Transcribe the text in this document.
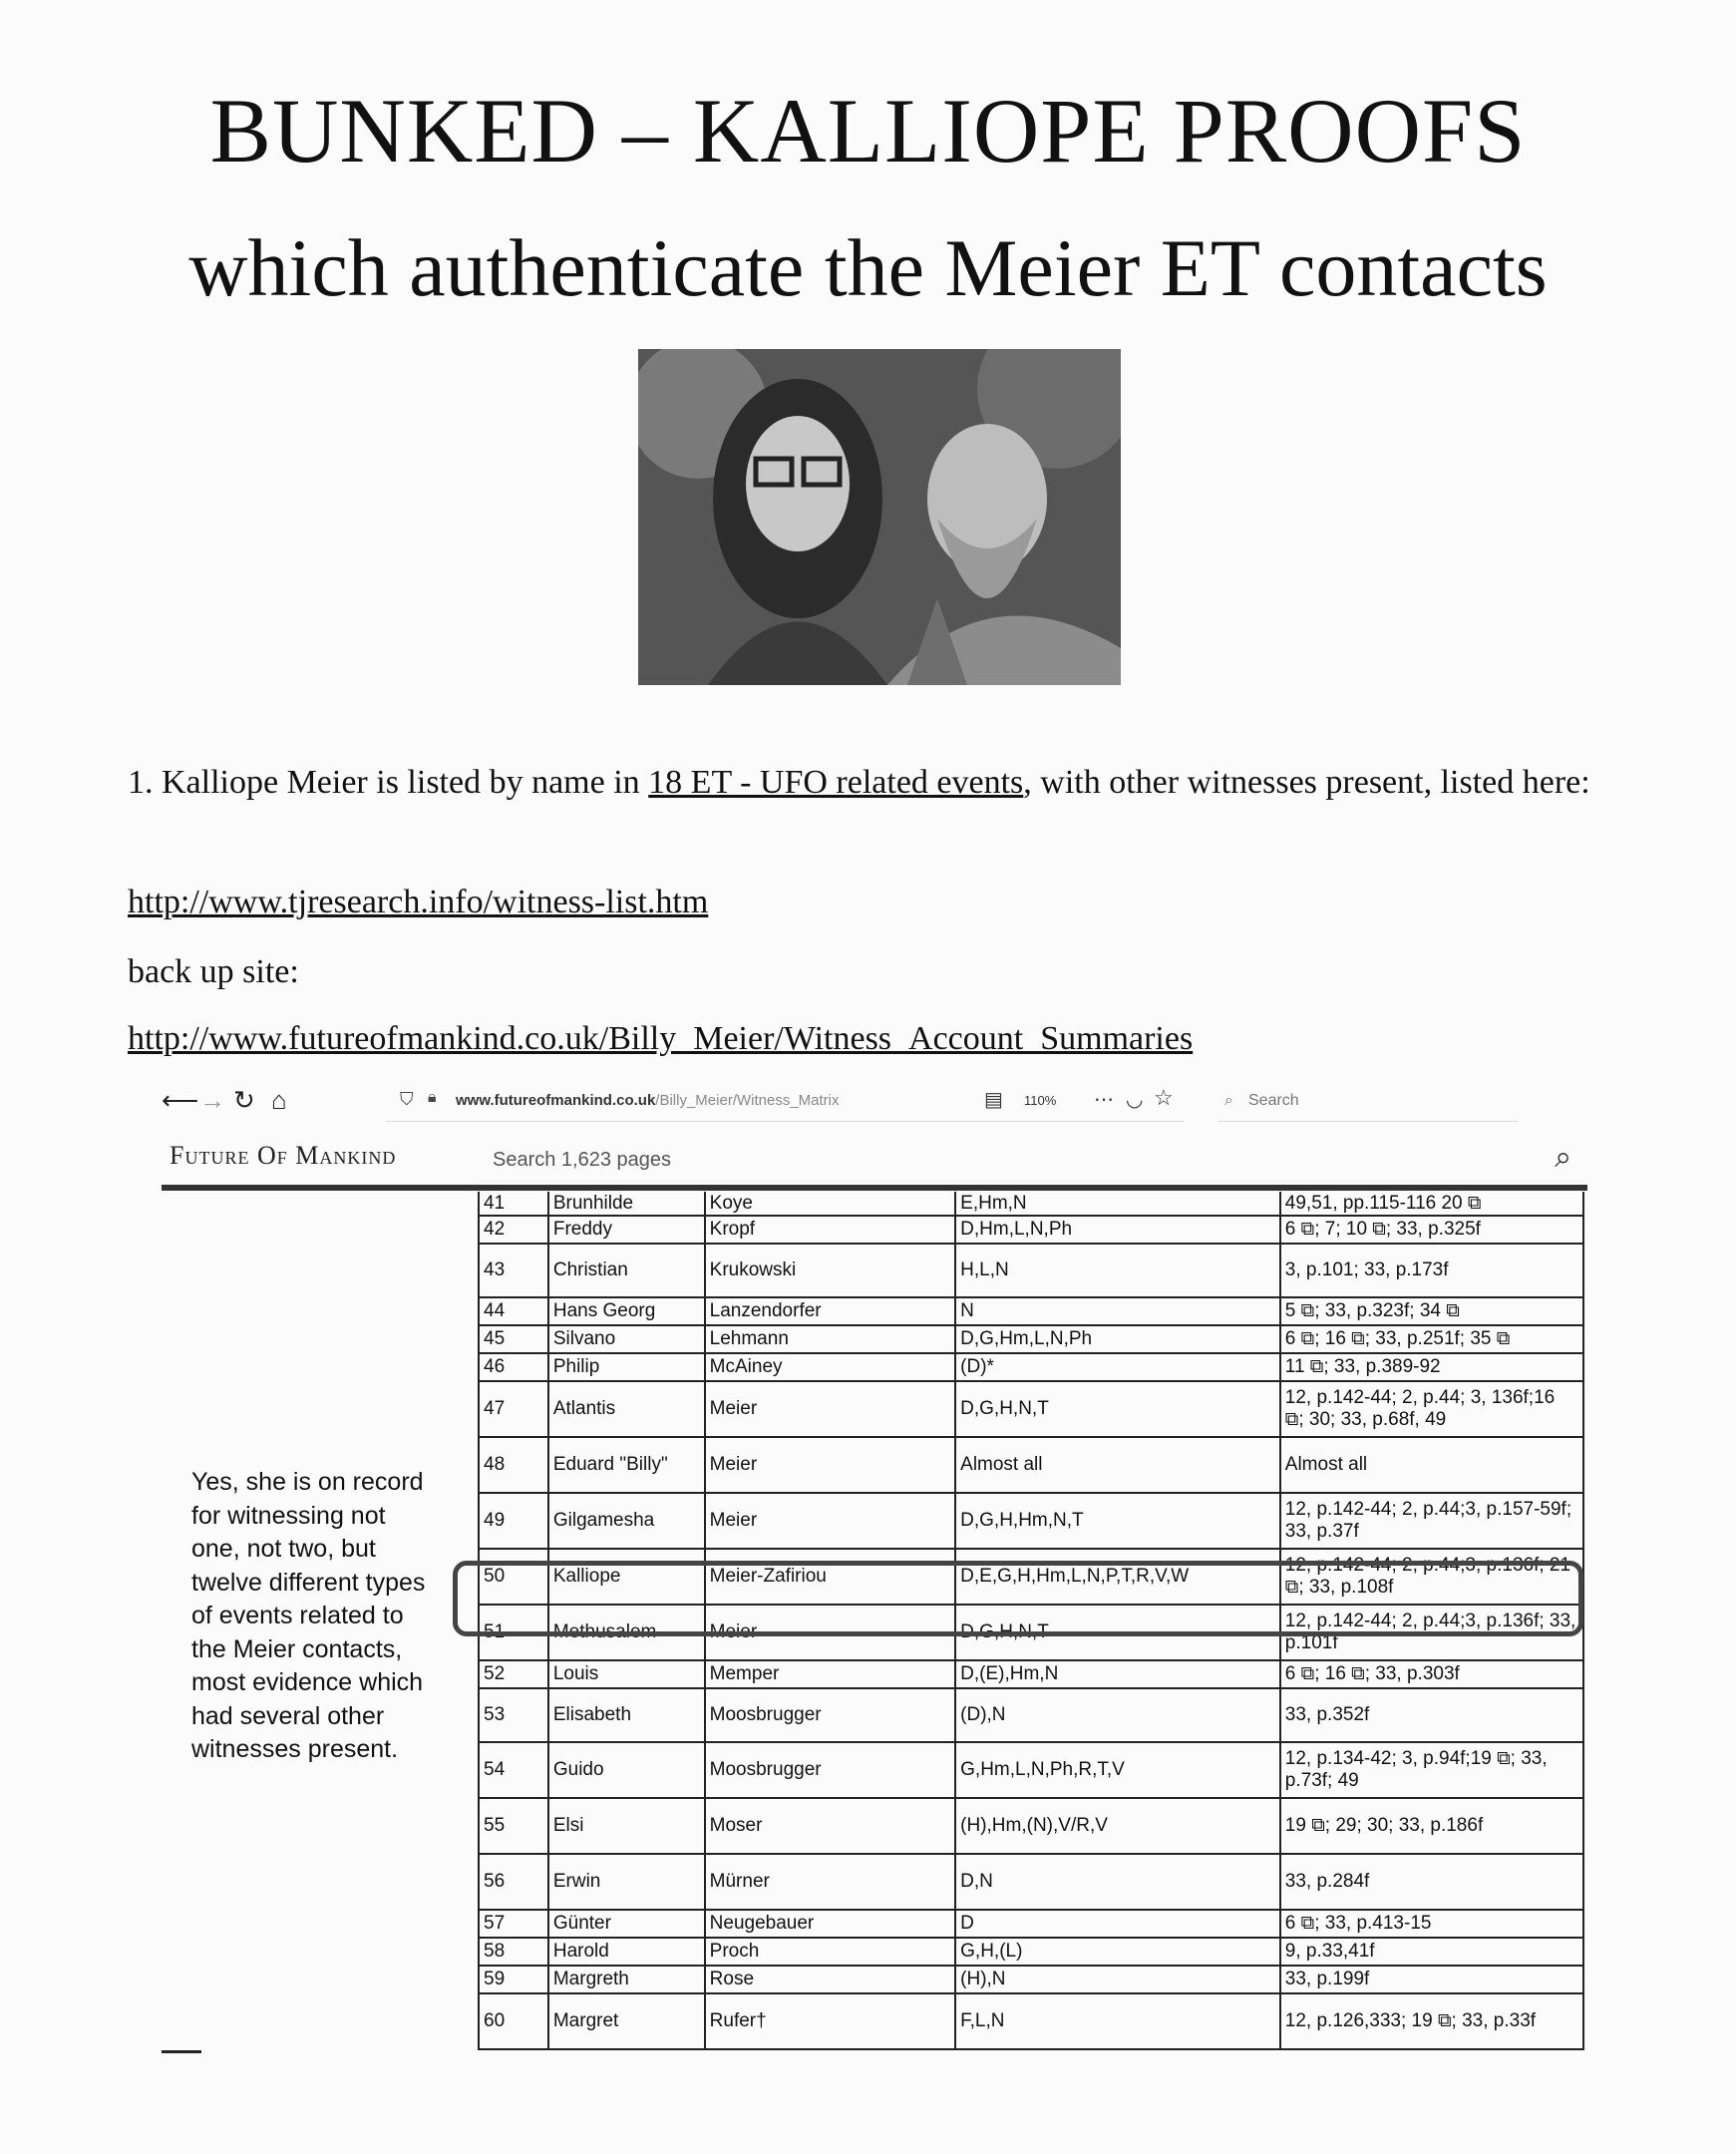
BUNKED – KALLIOPE PROOFS
which authenticate the Meier ET contacts
1. Kalliope Meier is listed by name in 18 ET - UFO related events, with other witnesses present, listed here:
http://www.tjresearch.info/witness-list.htm
back up site:
http://www.futureofmankind.co.uk/Billy_Meier/Witness_Account_Summaries
⟵ → ↻ ⌂	⛉ 🔒︎ www.futureofmankind.co.uk/Billy_Meier/Witness_Matrix	▤ 110% ⋯ ◡ ☆	⌕ Search
Future Of Mankind	Search 1,623 pages	⌕
Yes, she is on record for witnessing not one, not two, but twelve different types of events related to the Meier contacts, most evidence which had several other witnesses present.
41	Brunhilde	Koye	E,Hm,N	49,51, pp.115-116 20 ⧉
42	Freddy	Kropf	D,Hm,L,N,Ph	6 ⧉; 7; 10 ⧉; 33, p.325f
43	Christian	Krukowski	H,L,N	3, p.101; 33, p.173f
44	Hans Georg	Lanzendorfer	N	5 ⧉; 33, p.323f; 34 ⧉
45	Silvano	Lehmann	D,G,Hm,L,N,Ph	6 ⧉; 16 ⧉; 33, p.251f; 35 ⧉
46	Philip	McAiney	(D)*	11 ⧉; 33, p.389-92
47	Atlantis	Meier	D,G,H,N,T	12, p.142-44; 2, p.44; 3, 136f;16 ⧉; 30; 33, p.68f, 49
48	Eduard "Billy"	Meier	Almost all	Almost all
49	Gilgamesha	Meier	D,G,H,Hm,N,T	12, p.142-44; 2, p.44;3, p.157-59f; 33, p.37f
50	Kalliope	Meier-Zafiriou	D,E,G,H,Hm,L,N,P,T,R,V,W	12, p.142-44; 2, p.44;3, p.136f; 21 ⧉; 33, p.108f
51	Methusalem	Meier	D,G,H,N,T	12, p.142-44; 2, p.44;3, p.136f; 33, p.101f
52	Louis	Memper	D,(E),Hm,N	6 ⧉; 16 ⧉; 33, p.303f
53	Elisabeth	Moosbrugger	(D),N	33, p.352f
54	Guido	Moosbrugger	G,Hm,L,N,Ph,R,T,V	12, p.134-42; 3, p.94f;19 ⧉; 33, p.73f; 49
55	Elsi	Moser	(H),Hm,(N),V/R,V	19 ⧉; 29; 30; 33, p.186f
56	Erwin	Mürner	D,N	33, p.284f
57	Günter	Neugebauer	D	6 ⧉; 33, p.413-15
58	Harold	Proch	G,H,(L)	9, p.33,41f
59	Margreth	Rose	(H),N	33, p.199f
60	Margret	Rufer†	F,L,N	12, p.126,333; 19 ⧉; 33, p.33f
